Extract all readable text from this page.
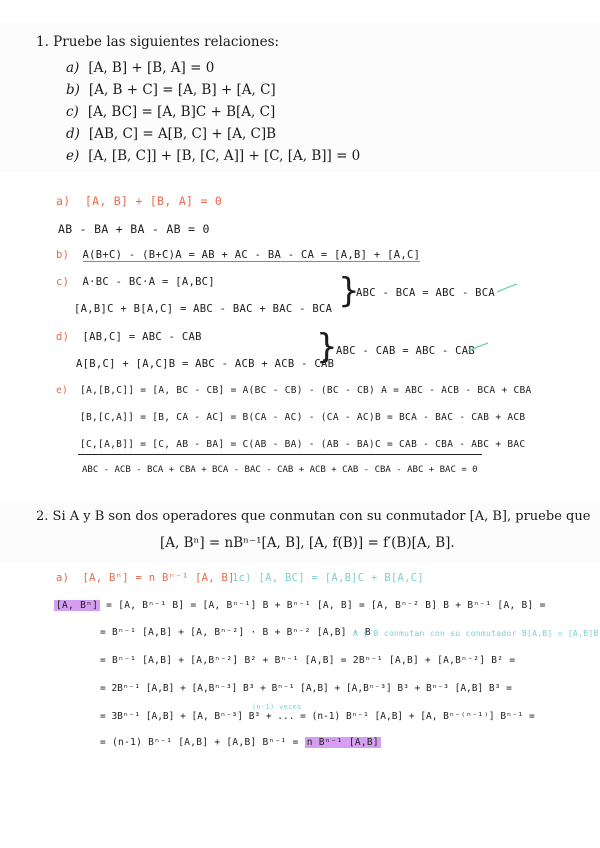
1. Pruebe las siguientes relaciones:
a) [A, B] + [B, A] = 0
b) [A, B + C] = [A, B] + [A, C]
c) [A, BC] = [A, B]C + B[A, C]
d) [AB, C] = A[B, C] + [A, C]B
e) [A, [B, C]] + [B, [C, A]] + [C, [A, B]] = 0
a) [A, B] + [B, A] = 0
AB - BA + BA - AB = 0
b) A(B+C) - (B+C)A = AB + AC - BA - CA = [A,B] + [A,C]
c) A·BC - BC·A = [A,BC]
[A,B]C + B[A,C] = ABC - BAC + BAC - BCA }
ABC - BCA = ABC - BCA
d) [AB,C] = ABC - CAB
A[B,C] + [A,C]B = ABC - ACB + ACB - CAB
}
ABC - CAB = ABC - CAB
e) [A,[B,C]] = [A, BC - CB] = A(BC - CB) - (BC - CB) A = ABC - ACB - BCA + CBA
[B,[C,A]] = [B, CA - AC] = B(CA - AC) - (CA - AC)B = BCA - BAC - CAB + ACB
[C,[A,B]] = [C, AB - BA] = C(AB - BA) - (AB - BA)C = CAB - CBA - ABC + BAC
ABC - ACB - BCA + CBA + BCA - BAC - CAB + ACB + CAB - CBA - ABC + BAC = 0
2. Si A y B son dos operadores que conmutan con su conmutador [A, B], pruebe que
[A, Bⁿ] = nBⁿ⁻¹[A, B], [A, f(B)] = f′(B)[A, B].
a) [A, Bⁿ] = n Bⁿ⁻¹ [A, B]
1c) [A, BC] = [A,B]C + B[A,C]
[A, Bⁿ] = [A, Bⁿ⁻¹ B] = [A, Bⁿ⁻¹] B + Bⁿ⁻¹ [A, B] = [A, Bⁿ⁻² B] B + Bⁿ⁻¹ [A, B] =
= Bⁿ⁻¹ [A,B] + [A, Bⁿ⁻²] · B + Bⁿ⁻² [A,B] · B
A y B conmutan con su conmutador B[A,B] = [A,B]B
= Bⁿ⁻¹ [A,B] + [A,Bⁿ⁻²] B² + Bⁿ⁻¹ [A,B] = 2Bⁿ⁻¹ [A,B] + [A,Bⁿ⁻²] B² =
= 2Bⁿ⁻¹ [A,B] + [A,Bⁿ⁻³] B³ + Bⁿ⁻¹ [A,B] + [A,Bⁿ⁻³] B³ + Bⁿ⁻³ [A,B] B³ =
(n-1) veces
= 3Bⁿ⁻¹ [A,B] + [A, Bⁿ⁻³] B³ + ... = (n-1) Bⁿ⁻¹ [A,B] + [A, Bⁿ⁻⁽ⁿ⁻¹⁾] Bⁿ⁻¹ =
= (n-1) Bⁿ⁻¹ [A,B] + [A,B] Bⁿ⁻¹ = n Bⁿ⁻¹ [A,B]
